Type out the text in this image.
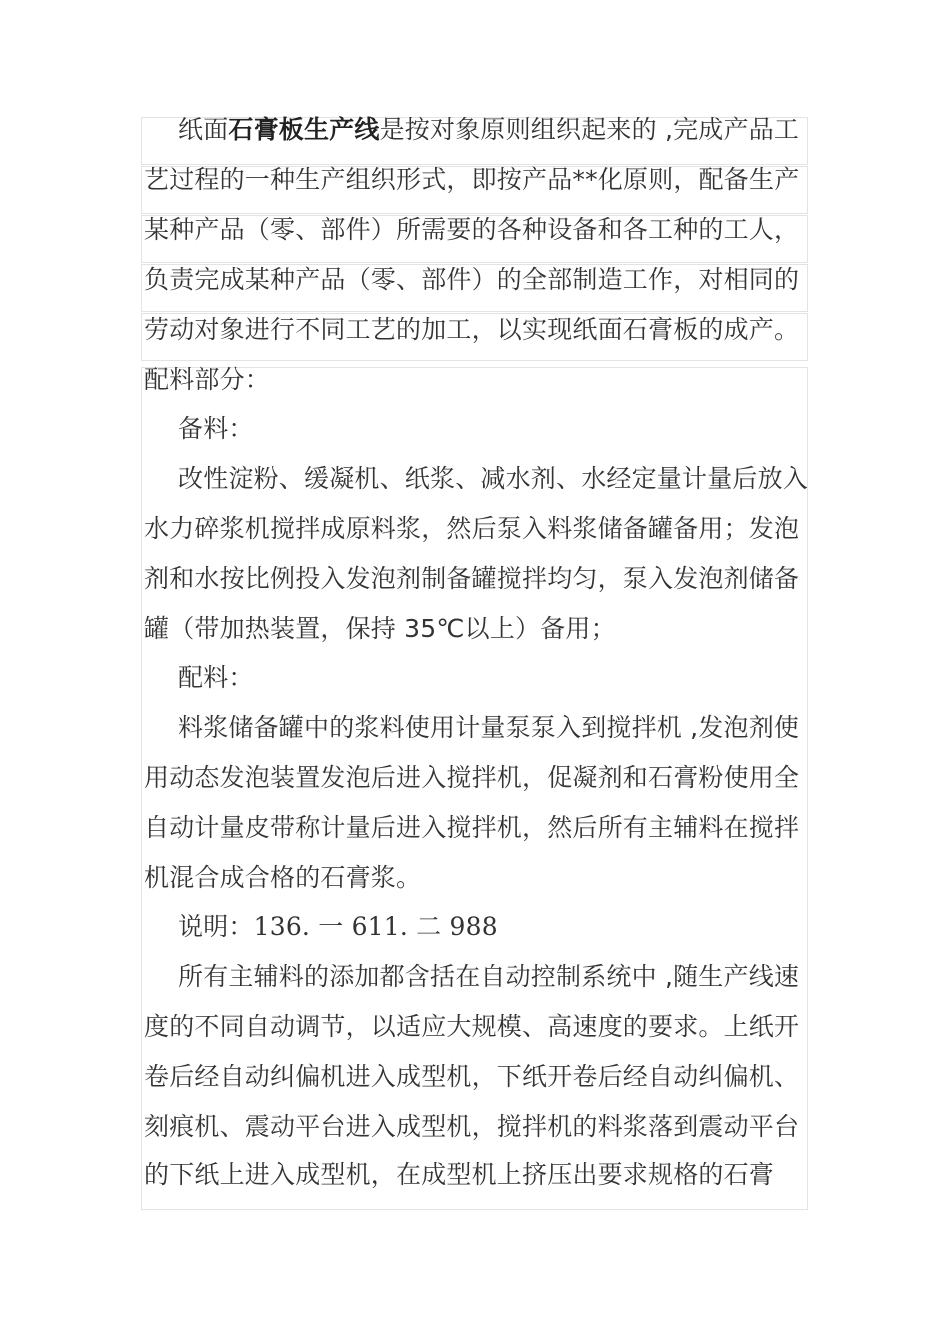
纸面石膏板生产线是按对象原则组织起来的 ,完成产品工
艺过程的一种生产组织形式，即按产品**化原则，配备生产
某种产品（零、部件）所需要的各种设备和各工种的工人，
负责完成某种产品（零、部件）的全部制造工作，对相同的
劳动对象进行不同工艺的加工，以实现纸面石膏板的成产。
配料部分：
备料：
改性淀粉、缓凝机、纸浆、减水剂、水经定量计量后放入
水力碎浆机搅拌成原料浆，然后泵入料浆储备罐备用；发泡
剂和水按比例投入发泡剂制备罐搅拌均匀，泵入发泡剂储备
罐（带加热装置，保持 35℃以上）备用；
配料：
料浆储备罐中的浆料使用计量泵泵入到搅拌机 ,发泡剂使
用动态发泡装置发泡后进入搅拌机，促凝剂和石膏粉使用全
自动计量皮带称计量后进入搅拌机，然后所有主辅料在搅拌
机混合成合格的石膏浆。
说明：136. 一 611. 二 988
所有主辅料的添加都含括在自动控制系统中 ,随生产线速
度的不同自动调节，以适应大规模、高速度的要求。上纸开
卷后经自动纠偏机进入成型机，下纸开卷后经自动纠偏机、
刻痕机、震动平台进入成型机，搅拌机的料浆落到震动平台
的下纸上进入成型机，在成型机上挤压出要求规格的石膏
